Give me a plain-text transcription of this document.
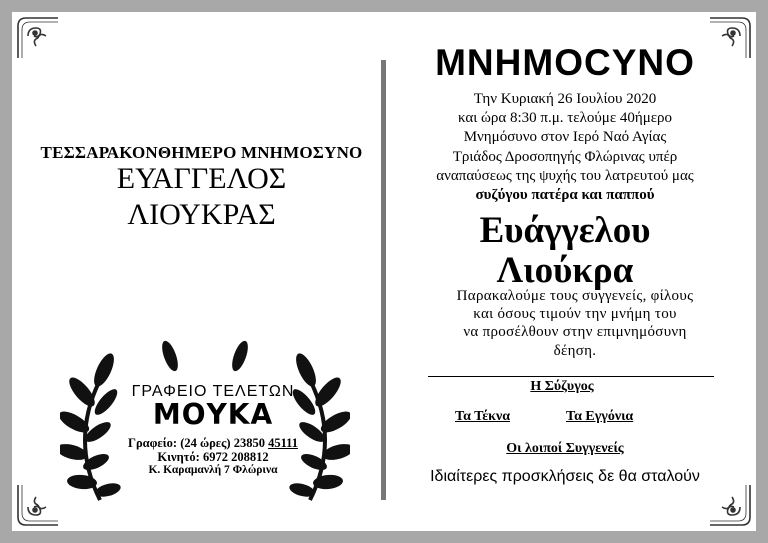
ΤΕΣΣΑΡΑΚΟΝΘΗΜΕΡΟ ΜΝΗΜΟΣΥΝΟ
ΕΥΑΓΓΕΛΟΣ
ΛΙΟΥΚΡΑΣ
ΓΡΑΦΕΙΟ ΤΕΛΕΤΩΝ
ΜΟΥΚΑ
Γραφείο: (24 ώρες) 23850 45111
Κινητό: 6972 208812
Κ. Καραμανλή 7 Φλώρινα
ΜΝΗΜΟCYNO
Την Κυριακή 26 Ιουλίου 2020
και ώρα 8:30 π.μ. τελούμε 40ήμερο
Μνημόσυνο στον Ιερό Ναό Αγίας
Τριάδος Δροσοπηγής Φλώρινας υπέρ
αναπαύσεως της ψυχής του λατρευτού μας
συζύγου πατέρα και παππού
Ευάγγελου
Λιούκρα
Παρακαλούμε τους συγγενείς, φίλους
και όσους τιμούν την μνήμη του
να προσέλθουν στην επιμνημόσυνη
δέηση.
Η Σύζυγος
Τα Τέκνα	Τα Εγγόνια
Οι λοιποί Συγγενείς
Ιδιαίτερες προσκλήσεις δε θα σταλούν
